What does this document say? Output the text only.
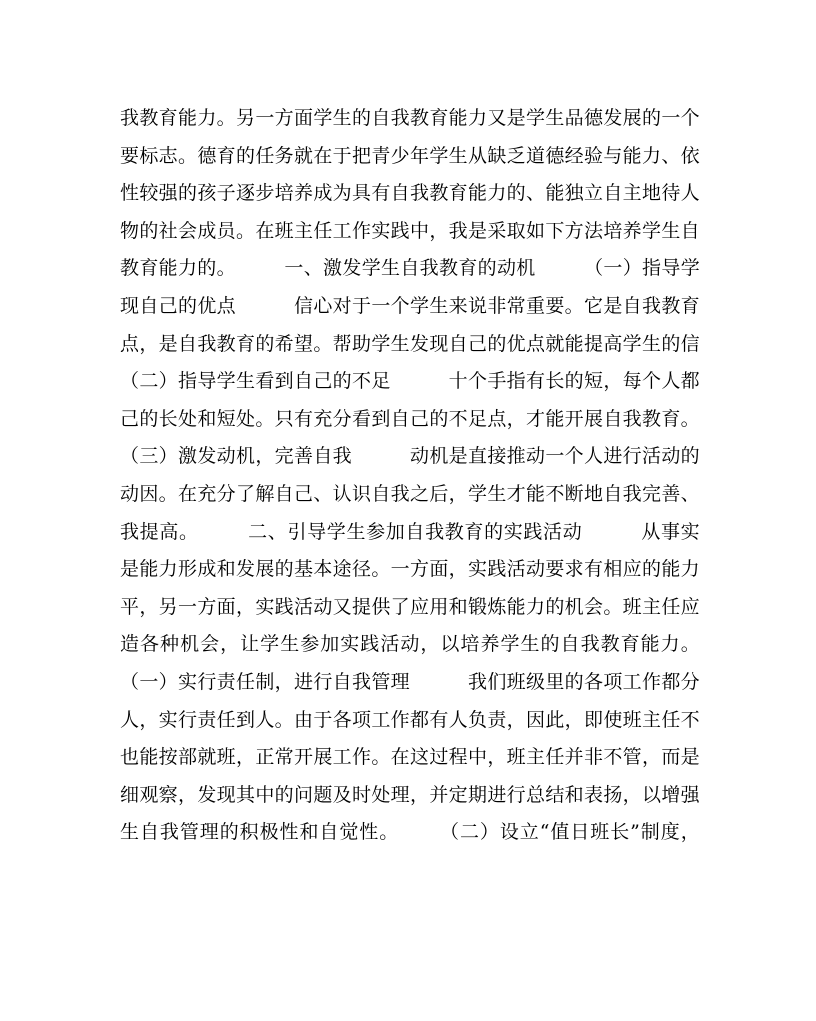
我教育能力。另一方面学生的自我教育能力又是学生品德发展的一个
要标志。德育的任务就在于把青少年学生从缺乏道德经验与能力、依
性较强的孩子逐步培养成为具有自我教育能力的、能独立自主地待人
物的社会成员。在班主任工作实践中，我是采取如下方法培养学生自
教育能力的。　　　一、激发学生自我教育的动机　　　（一）指导学
现自己的优点　　　信心对于一个学生来说非常重要。它是自我教育
点，是自我教育的希望。帮助学生发现自己的优点就能提高学生的信
（二）指导学生看到自己的不足　　　十个手指有长的短，每个人都
己的长处和短处。只有充分看到自己的不足点，才能开展自我教育。
（三）激发动机，完善自我　　　动机是直接推动一个人进行活动的
动因。在充分了解自己、认识自我之后，学生才能不断地自我完善、
我提高。　　　二、引导学生参加自我教育的实践活动　　　从事实
是能力形成和发展的基本途径。一方面，实践活动要求有相应的能力
平，另一方面，实践活动又提供了应用和锻炼能力的机会。班主任应
造各种机会，让学生参加实践活动，以培养学生的自我教育能力。
（一）实行责任制，进行自我管理　　　我们班级里的各项工作都分
人，实行责任到人。由于各项工作都有人负责，因此，即使班主任不
也能按部就班，正常开展工作。在这过程中，班主任并非不管，而是
细观察，发现其中的问题及时处理，并定期进行总结和表扬，以增强
生自我管理的积极性和自觉性。　　　（二）设立“值日班长”制度，
